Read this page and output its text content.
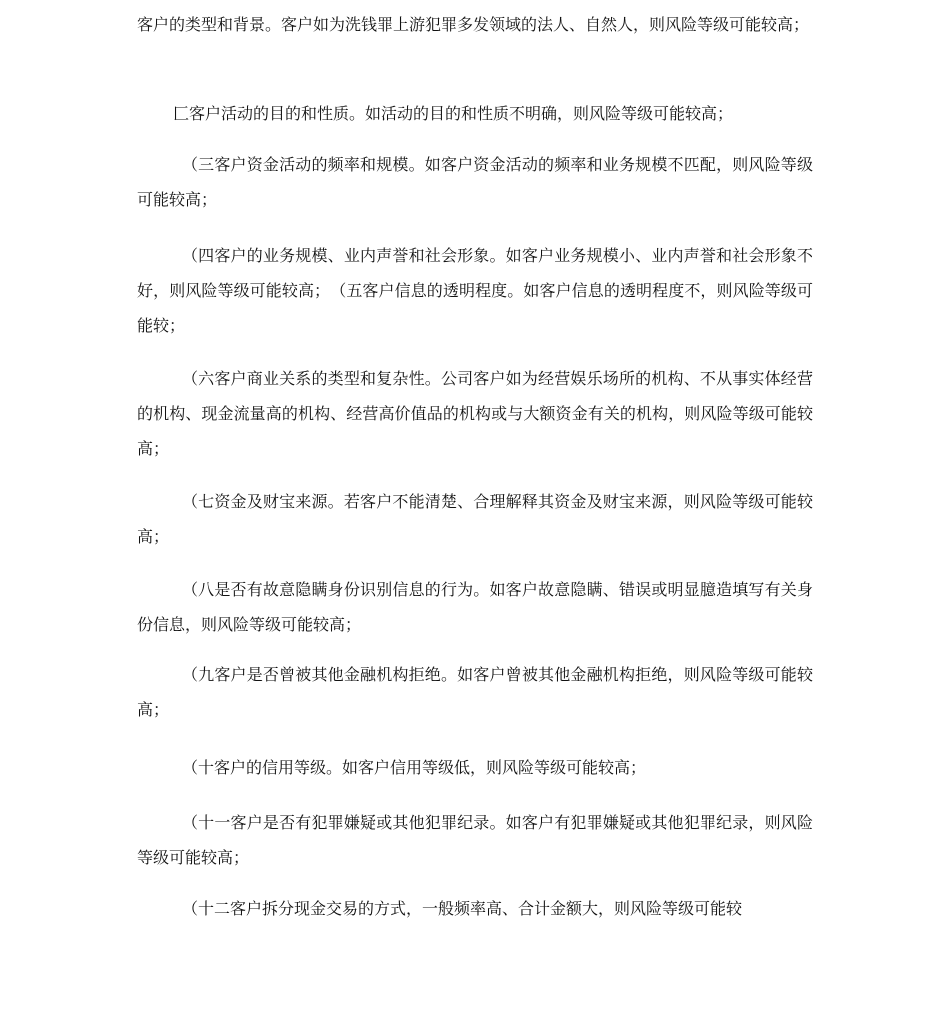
客户的类型和背景。客户如为洗钱罪上游犯罪多发领域的法人、自然人，则风险等级可能较高；

匚客户活动的目的和性质。如活动的目的和性质不明确，则风险等级可能较高；

（三客户资金活动的频率和规模。如客户资金活动的频率和业务规模不匹配，则风险等级可能较高；

（四客户的业务规模、业内声誉和社会形象。如客户业务规模小、业内声誉和社会形象不好，则风险等级可能较高；　（五客户信息的透明程度。如客户信息的透明程度不，则风险等级可能较；

（六客户商业关系的类型和复杂性。公司客户如为经营娱乐场所的机构、不从事实体经营的机构、现金流量高的机构、经营高价值品的机构或与大额资金有关的机构，则风险等级可能较高；

（七资金及财宝来源。若客户不能清楚、合理解释其资金及财宝来源，则风险等级可能较高；

（八是否有故意隐瞒身份识别信息的行为。如客户故意隐瞒、错误或明显臆造填写有关身份信息，则风险等级可能较高；

（九客户是否曾被其他金融机构拒绝。如客户曾被其他金融机构拒绝，则风险等级可能较高；

（十客户的信用等级。如客户信用等级低，则风险等级可能较高；

（十一客户是否有犯罪嫌疑或其他犯罪纪录。如客户有犯罪嫌疑或其他犯罪纪录，则风险等级可能较高；

（十二客户拆分现金交易的方式，一般频率高、合计金额大，则风险等级可能较
